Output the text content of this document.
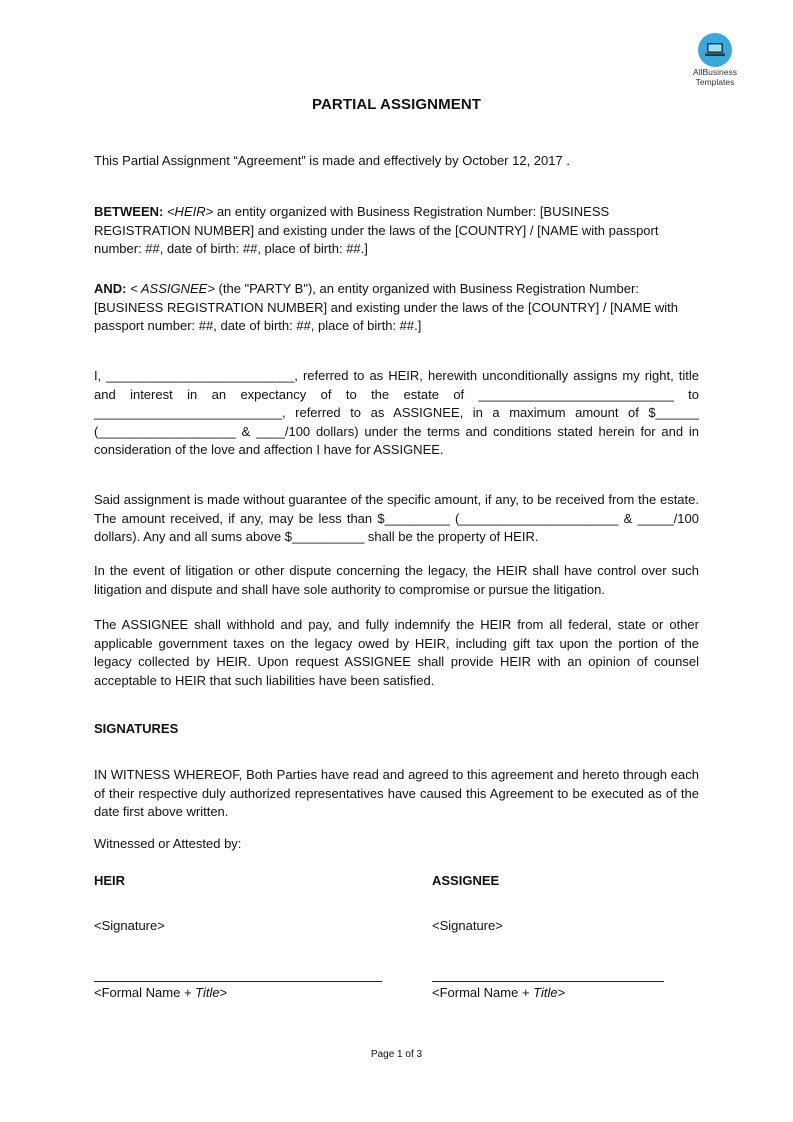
AllBusiness
Templates
PARTIAL ASSIGNMENT

This Partial Assignment “Agreement” is made and effectively by October 12, 2017 .

BETWEEN: <HEIR> an entity organized with Business Registration Number: [BUSINESS REGISTRATION NUMBER] and existing under the laws of the [COUNTRY] / [NAME with passport number: ##, date of birth: ##, place of birth: ##.]

AND: < ASSIGNEE> (the "PARTY B"), an entity organized with Business Registration Number: [BUSINESS REGISTRATION NUMBER] and existing under the laws of the [COUNTRY] / [NAME with passport number: ##, date of birth: ##, place of birth: ##.]

I, __________________________, referred to as HEIR, herewith unconditionally assigns my right, title and interest in an expectancy of to the estate of ___________________________ to __________________________, referred to as ASSIGNEE, in a maximum amount of $______ (___________________ & ____/100 dollars) under the terms and conditions stated herein for and in consideration of the love and affection I have for ASSIGNEE.

Said assignment is made without guarantee of the specific amount, if any, to be received from the estate. The amount received, if any, may be less than $_________ (______________________ & _____/100 dollars). Any and all sums above $__________ shall be the property of HEIR.

In the event of litigation or other dispute concerning the legacy, the HEIR shall have control over such litigation and dispute and shall have sole authority to compromise or pursue the litigation.

The ASSIGNEE shall withhold and pay, and fully indemnify the HEIR from all federal, state or other applicable government taxes on the legacy owed by HEIR, including gift tax upon the portion of the legacy collected by HEIR. Upon request ASSIGNEE shall provide HEIR with an opinion of counsel acceptable to HEIR that such liabilities have been satisfied.

SIGNATURES

IN WITNESS WHEREOF, Both Parties have read and agreed to this agreement and hereto through each of their respective duly authorized representatives have caused this Agreement to be executed as of the date first above written.

Witnessed or Attested by:

HEIR	ASSIGNEE
<Signature>	<Signature>
<Formal Name + Title>	<Formal Name + Title>
Page 1 of 3
